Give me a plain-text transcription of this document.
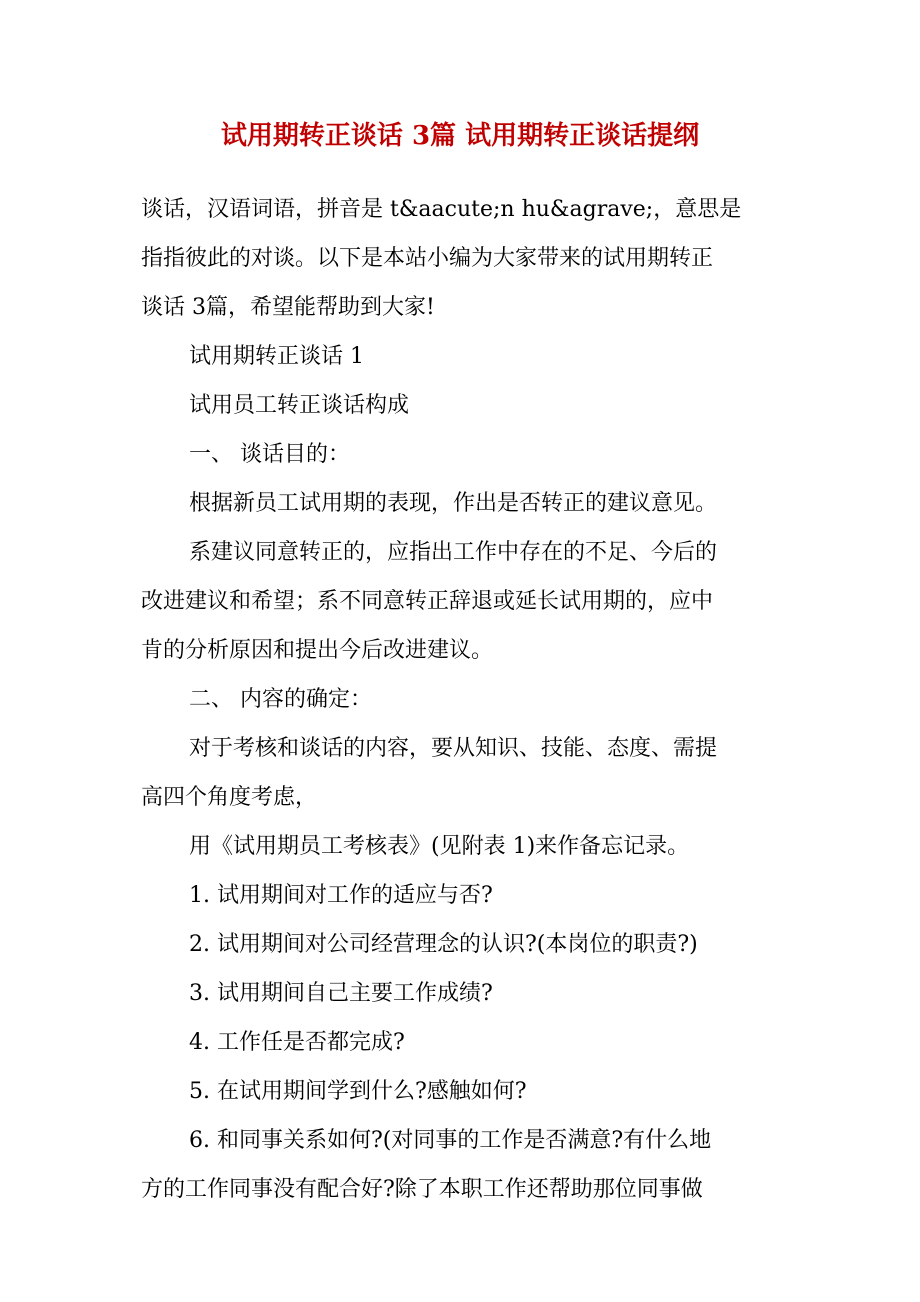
试用期转正谈话 3篇 试用期转正谈话提纲
谈话，汉语词语，拼音是 t&aacute;n hu&agrave;，意思是
指指彼此的对谈。以下是本站小编为大家带来的试用期转正
谈话 3篇，希望能帮助到大家!
试用期转正谈话 1
试用员工转正谈话构成
一、 谈话目的：
根据新员工试用期的表现，作出是否转正的建议意见。
系建议同意转正的，应指出工作中存在的不足、今后的
改进建议和希望；系不同意转正辞退或延长试用期的，应中
肯的分析原因和提出今后改进建议。
二、 内容的确定：
对于考核和谈话的内容，要从知识、技能、态度、需提
高四个角度考虑，
用《试用期员工考核表》(见附表 1)来作备忘记录。
1. 试用期间对工作的适应与否?
2. 试用期间对公司经营理念的认识?(本岗位的职责?)
3. 试用期间自己主要工作成绩?
4. 工作任是否都完成?
5. 在试用期间学到什么?感触如何?
6. 和同事关系如何?(对同事的工作是否满意?有什么地
方的工作同事没有配合好?除了本职工作还帮助那位同事做
